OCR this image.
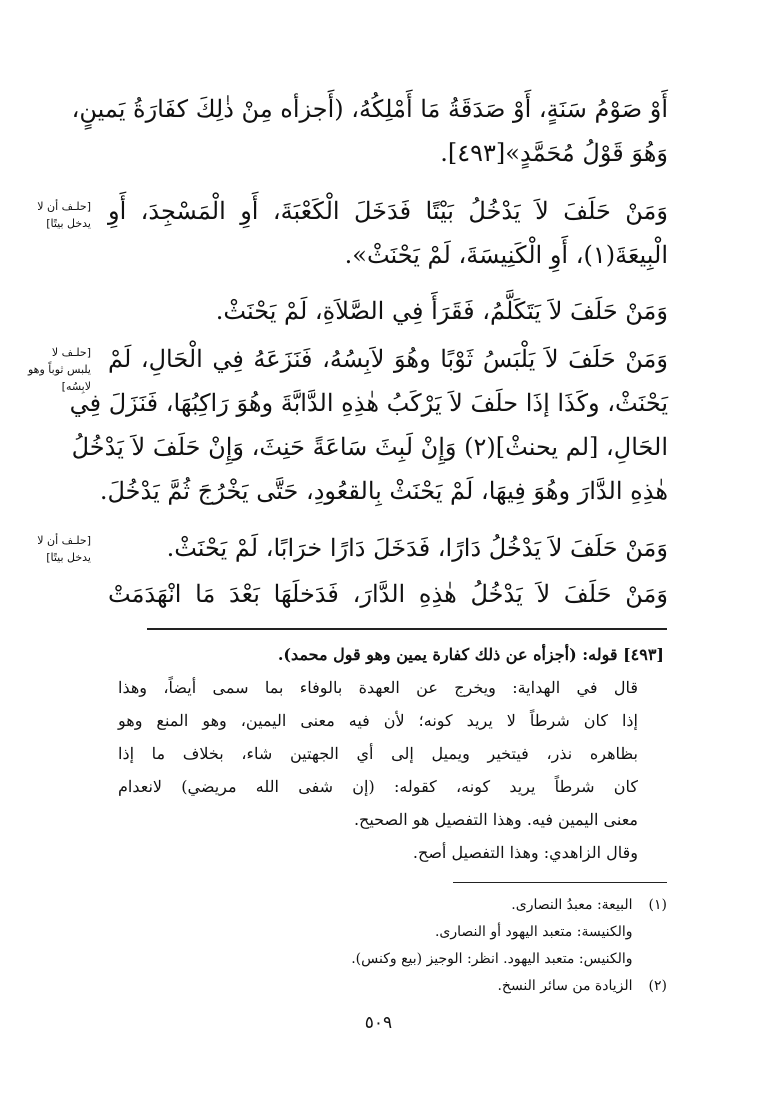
أَوْ صَوْمُ سَنَةٍ، أَوْ صَدَقَةُ مَا أَمْلِكُهُ، (أَجزأه مِنْ ذٰلِكَ كفَارَةُ يَمينٍ،
وَهُوَ قَوْلُ مُحَمَّدٍ»[٤٩٣].
وَمَنْ حَلَفَ لاَ يَدْخُلُ بَيْتًا فَدَخَلَ الْكَعْبَةَ، أَوِ الْمَسْجِدَ، أَوِ
الْبِيعَةَ(١)، أَوِ الْكَنِيسَةَ، لَمْ يَحْنَثْ».
وَمَنْ حَلَفَ لاَ يَتَكَلَّمُ، فَقَرَأَ فِي الصَّلاَةِ، لَمْ يَحْنَثْ.
وَمَنْ حَلَفَ لاَ يَلْبَسُ ثَوْبًا وهُوَ لاَبِسُهُ، فَنَزَعَهُ فِي الْحَالِ، لَمْ
يَحْنَثْ، وكَذَا إذَا حلَفَ لاَ يَرْكَبُ هٰذِهِ الدَّابَّةَ وهُوَ رَاكِبُهَا، فَنَزَلَ فِي
الحَالِ، [لم يحنثْ](٢) وَإِنْ لَبِثَ سَاعَةً حَنِثَ، وَإِنْ حَلَفَ لاَ يَدْخُلُ
هٰذِهِ الدَّارَ وهُوَ فِيهَا، لَمْ يَحْنَثْ بِالقعُودِ، حَتَّى يَخْرُجَ ثُمَّ يَدْخُلَ.
وَمَنْ حَلَفَ لاَ يَدْخُلُ دَارًا، فَدَخَلَ دَارًا خرَابًا، لَمْ يَحْنَثْ.
وَمَنْ حَلَفَ لاَ يَدْخُلُ هٰذِهِ الدَّارَ، فَدَخلَهَا بَعْدَ مَا انْهَدَمَتْ
[حلـف أن لا
يدخل بيتًا]
[حلـف لا
يلبس ثوباً وهو
لابِسُه]
[حلـف أن لا
يدخل بيتًا]
[٤٩٣] قوله: (أجزأه عن ذلك كفارة يمين وهو قول محمد).
قال في الهداية: ويخرج عن العهدة بالوفاء بما سمى أيضاً، وهذا
إذا كان شرطاً لا يريد كونه؛ لأن فيه معنى اليمين، وهو المنع وهو
بظاهره نذر، فيتخير ويميل إلى أي الجهتين شاء، بخلاف ما إذا
كان شرطاً يريد كونه، كقوله: (إن شفى الله مريضي) لانعدام
معنى اليمين فيه. وهذا التفصيل هو الصحيح.
وقال الزاهدي: وهذا التفصيل أصح.
(١) البيعة: معبدُ النصارى.
والكنيسة: متعبد اليهود أو النصارى.
والكنيس: متعبد اليهود. انظر: الوجيز (بيع وكنس).
(٢) الزيادة من سائر النسخ.
٥٠٩
